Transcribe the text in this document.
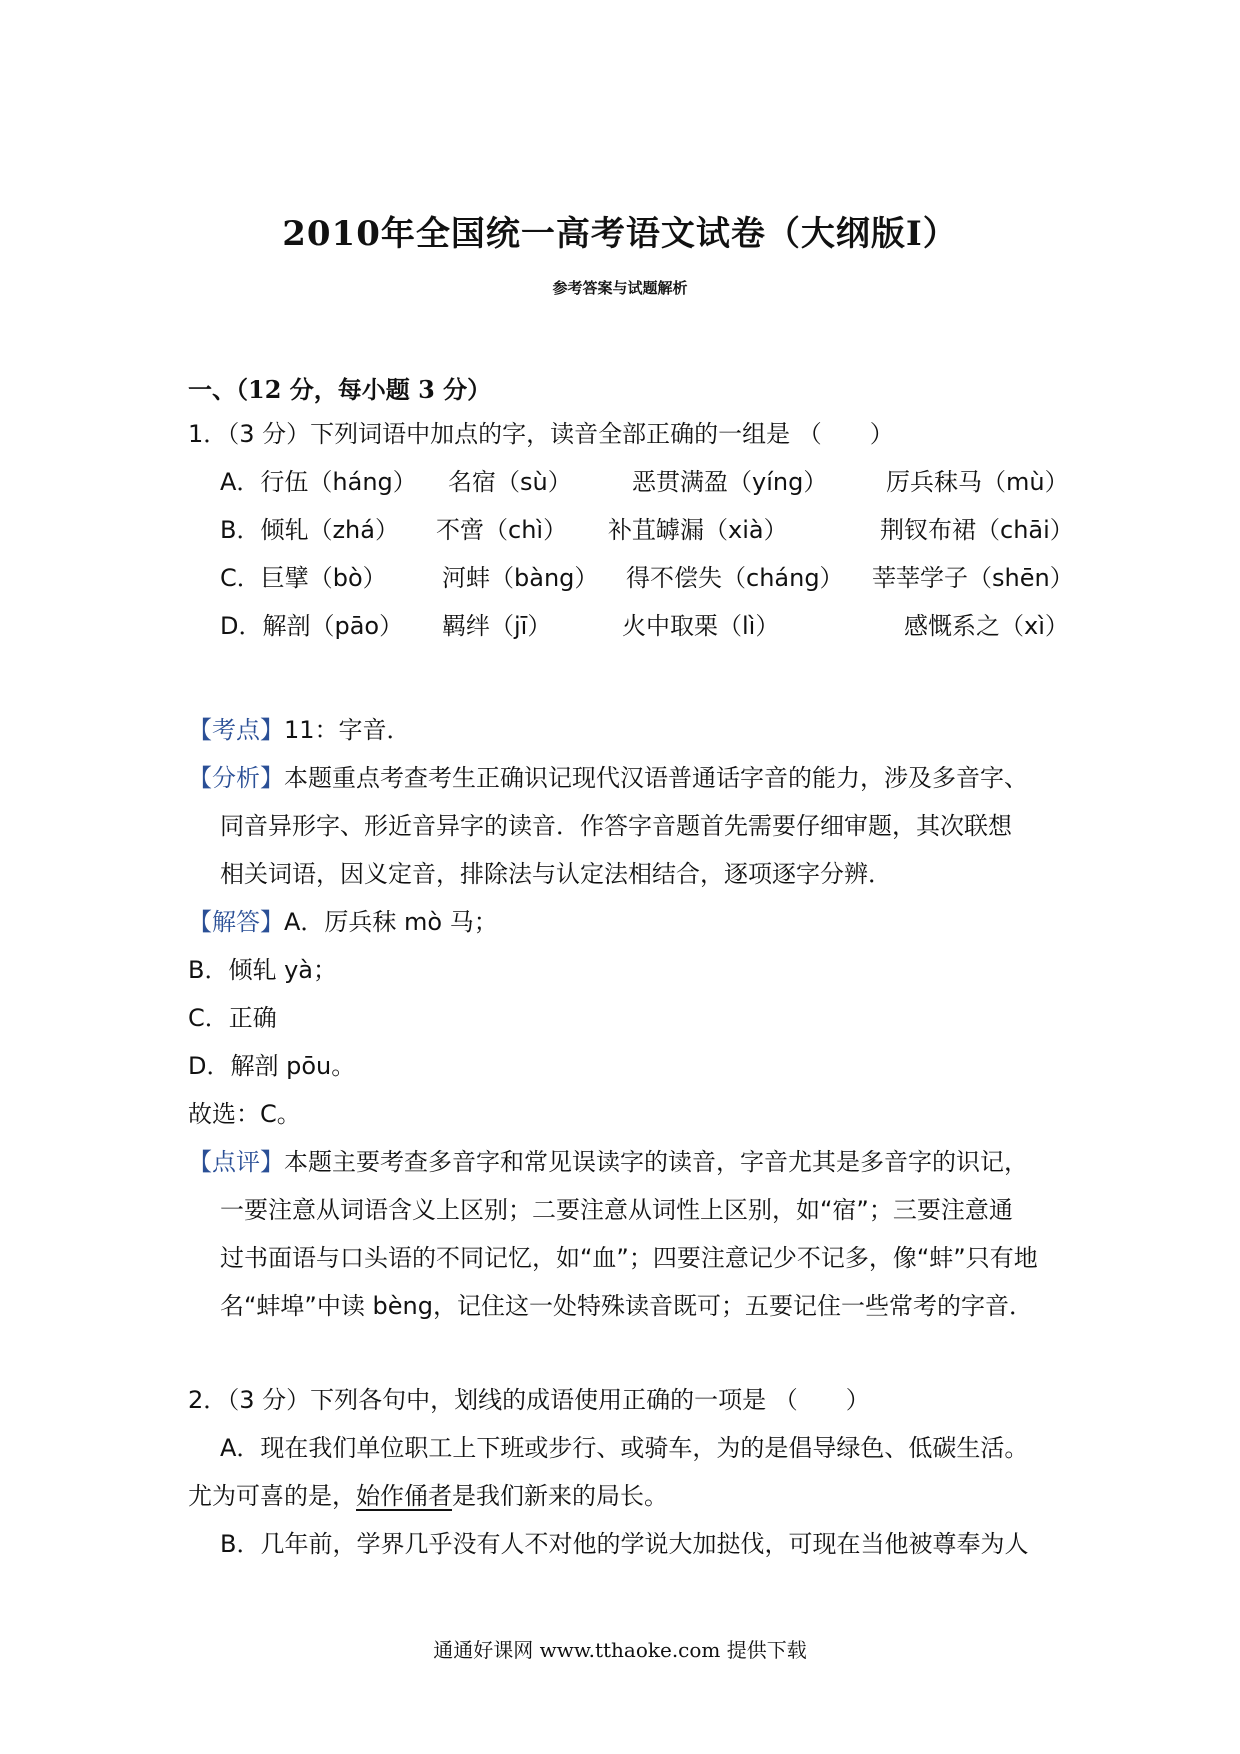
2010年全国统一高考语文试卷（大纲版Ⅰ）
参考答案与试题解析
一、（12 分，每小题 3 分）
1．（3 分）下列词语中加点的字，读音全部正确的一组是 （　　）
A．行伍（háng） 名宿（sù）	恶贯满盈（yíng） 厉兵秣马（mù）
B．倾轧（zhá） 不啻（chì） 补苴罅漏（xià）	荆钗布裙（chāi）
C．巨擘（bò） 河蚌（bàng） 得不偿失（cháng） 莘莘学子（shēn）
D．解剖（pāo） 羁绊（jī）	火中取栗（lì）	感慨系之（xì）
【考点】11：字音．
【分析】本题重点考查考生正确识记现代汉语普通话字音的能力，涉及多音字、
同音异形字、形近音异字的读音．作答字音题首先需要仔细审题，其次联想
相关词语，因义定音，排除法与认定法相结合，逐项逐字分辨．
【解答】A．厉兵秣 mò 马；
B．倾轧 yà；
C．正确
D．解剖 pōu。
故选：C。
【点评】本题主要考查多音字和常见误读字的读音，字音尤其是多音字的识记，
一要注意从词语含义上区别；二要注意从词性上区别，如“宿”；三要注意通
过书面语与口头语的不同记忆，如“血”；四要注意记少不记多，像“蚌”只有地
名“蚌埠”中读 bèng，记住这一处特殊读音既可；五要记住一些常考的字音．
2．（3 分）下列各句中，划线的成语使用正确的一项是 （　　）
A．现在我们单位职工上下班或步行、或骑车，为的是倡导绿色、低碳生活。
尤为可喜的是，始作俑者是我们新来的局长。
B．几年前，学界几乎没有人不对他的学说大加挞伐，可现在当他被尊奉为人
通通好课网 www.tthaoke.com 提供下载
